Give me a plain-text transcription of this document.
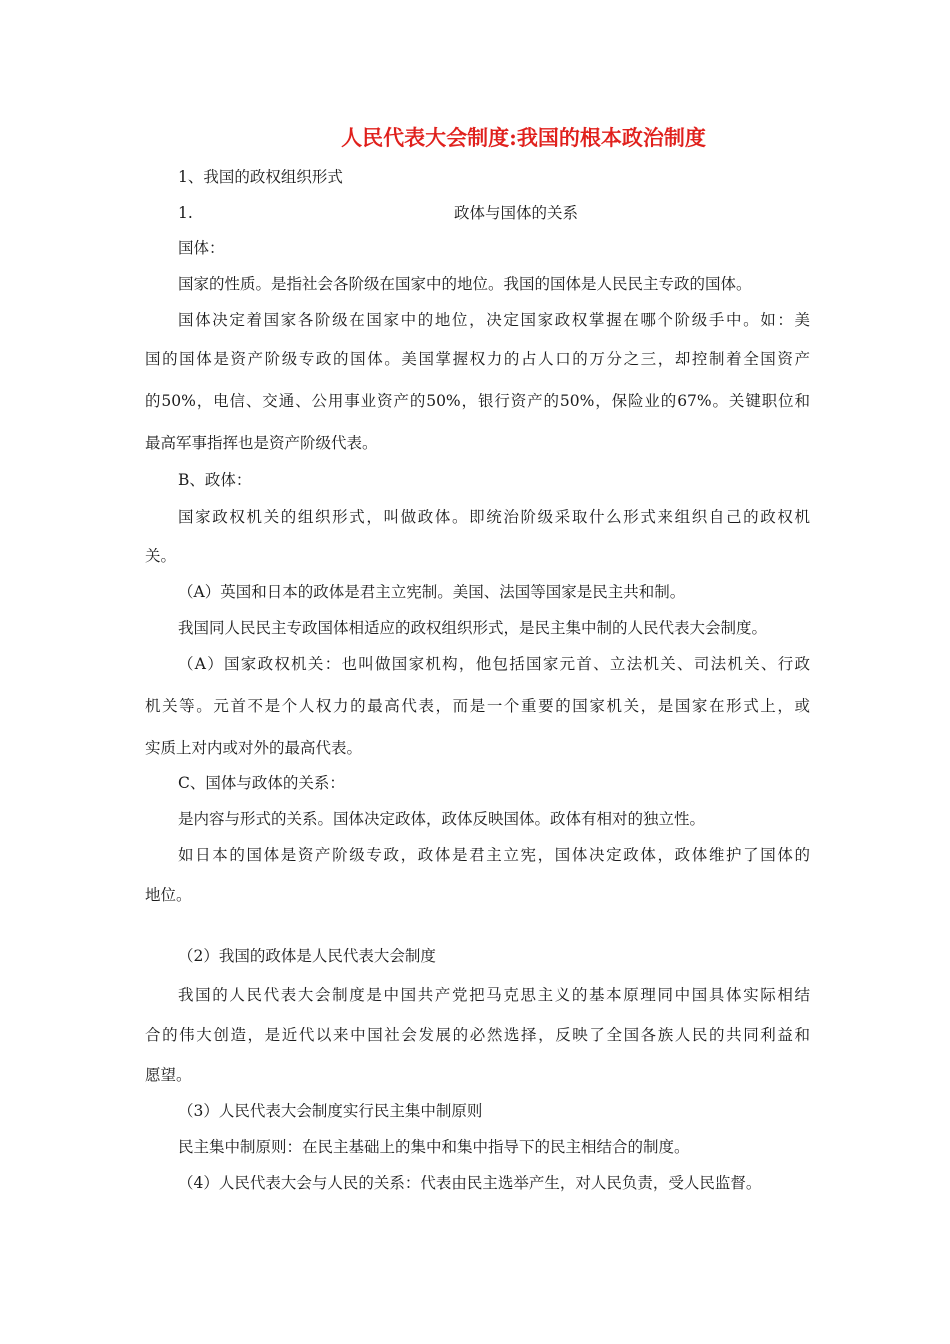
人民代表大会制度:我国的根本政治制度
1、我国的政权组织形式
1.	政体与国体的关系
国体：
国家的性质。是指社会各阶级在国家中的地位。我国的国体是人民民主专政的国体。
国体决定着国家各阶级在国家中的地位，决定国家政权掌握在哪个阶级手中。如：美
国的国体是资产阶级专政的国体。美国掌握权力的占人口的万分之三，却控制着全国资产
的50%，电信、交通、公用事业资产的50%，银行资产的50%，保险业的67%。关键职位和
最高军事指挥也是资产阶级代表。
B、政体：
国家政权机关的组织形式，叫做政体。即统治阶级采取什么形式来组织自己的政权机
关。
（A）英国和日本的政体是君主立宪制。美国、法国等国家是民主共和制。
我国同人民民主专政国体相适应的政权组织形式，是民主集中制的人民代表大会制度。
（A）国家政权机关：也叫做国家机构，他包括国家元首、立法机关、司法机关、行政
机关等。元首不是个人权力的最高代表，而是一个重要的国家机关，是国家在形式上，或
实质上对内或对外的最高代表。
C、国体与政体的关系：
是内容与形式的关系。国体决定政体，政体反映国体。政体有相对的独立性。
如日本的国体是资产阶级专政，政体是君主立宪，国体决定政体，政体维护了国体的
地位。
（2）我国的政体是人民代表大会制度
我国的人民代表大会制度是中国共产党把马克思主义的基本原理同中国具体实际相结
合的伟大创造，是近代以来中国社会发展的必然选择，反映了全国各族人民的共同利益和
愿望。
（3）人民代表大会制度实行民主集中制原则
民主集中制原则：在民主基础上的集中和集中指导下的民主相结合的制度。
（4）人民代表大会与人民的关系：代表由民主选举产生，对人民负责，受人民监督。
